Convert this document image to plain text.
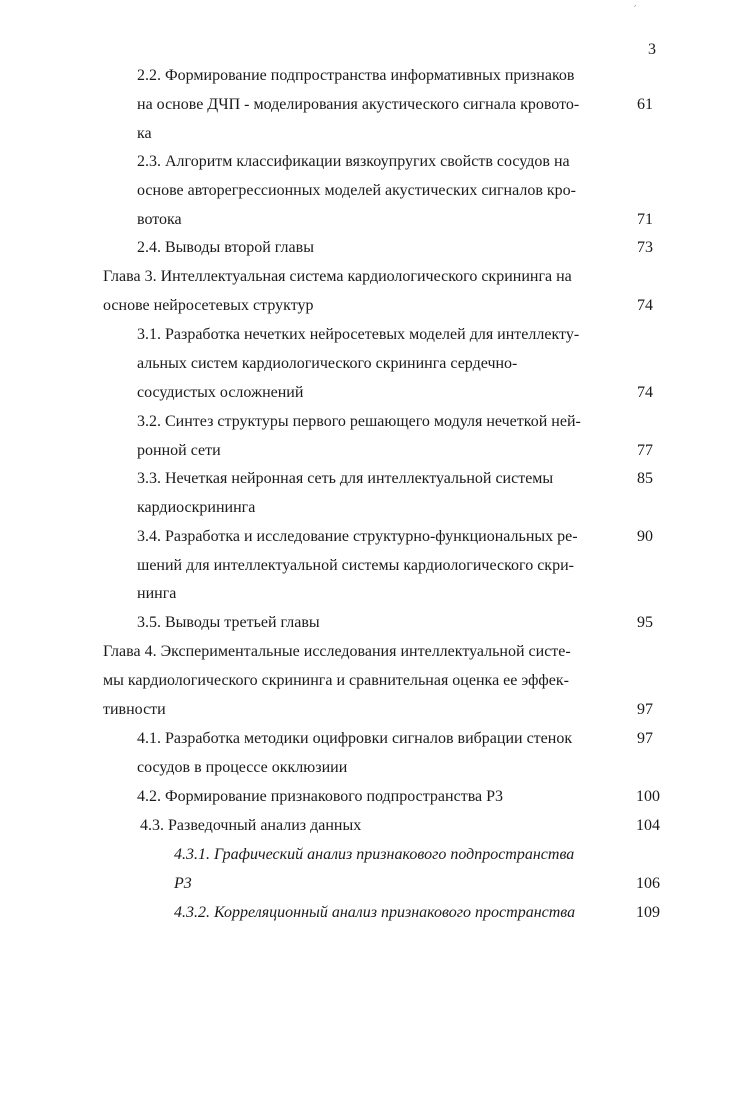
׳
3
2.2. Формирование подпространства информативных признаков
на основе ДЧП - моделирования акустического сигнала кровото-	61
ка
2.3. Алгоритм классификации вязкоупругих свойств сосудов на
основе авторегрессионных моделей акустических сигналов кро-
вотока	71
2.4. Выводы второй главы	73
Глава 3. Интеллектуальная система кардиологического скрининга на
основе нейросетевых структур	74
3.1. Разработка нечетких нейросетевых моделей для интеллекту-
альных систем кардиологического скрининга сердечно-
сосудистых осложнений	74
3.2. Синтез структуры первого решающего модуля нечеткой ней-
ронной сети	77
3.3. Нечеткая нейронная сеть для интеллектуальной системы	85
кардиоскрининга
3.4. Разработка и исследование структурно-функциональных ре-	90
шений для интеллектуальной системы кардиологического скри-
нинга
3.5. Выводы третьей главы	95
Глава 4. Экспериментальные исследования интеллектуальной систе-
мы кардиологического скрининга и сравнительная оценка ее эффек-
тивности	97
4.1. Разработка методики оцифровки сигналов вибрации стенок	97
сосудов в процессе окклюзиии
4.2. Формирование признакового подпространства Р3	100
4.3. Разведочный анализ данных	104
4.3.1. Графический анализ признакового подпространства
Р3	106
4.3.2. Корреляционный анализ признакового пространства	109
